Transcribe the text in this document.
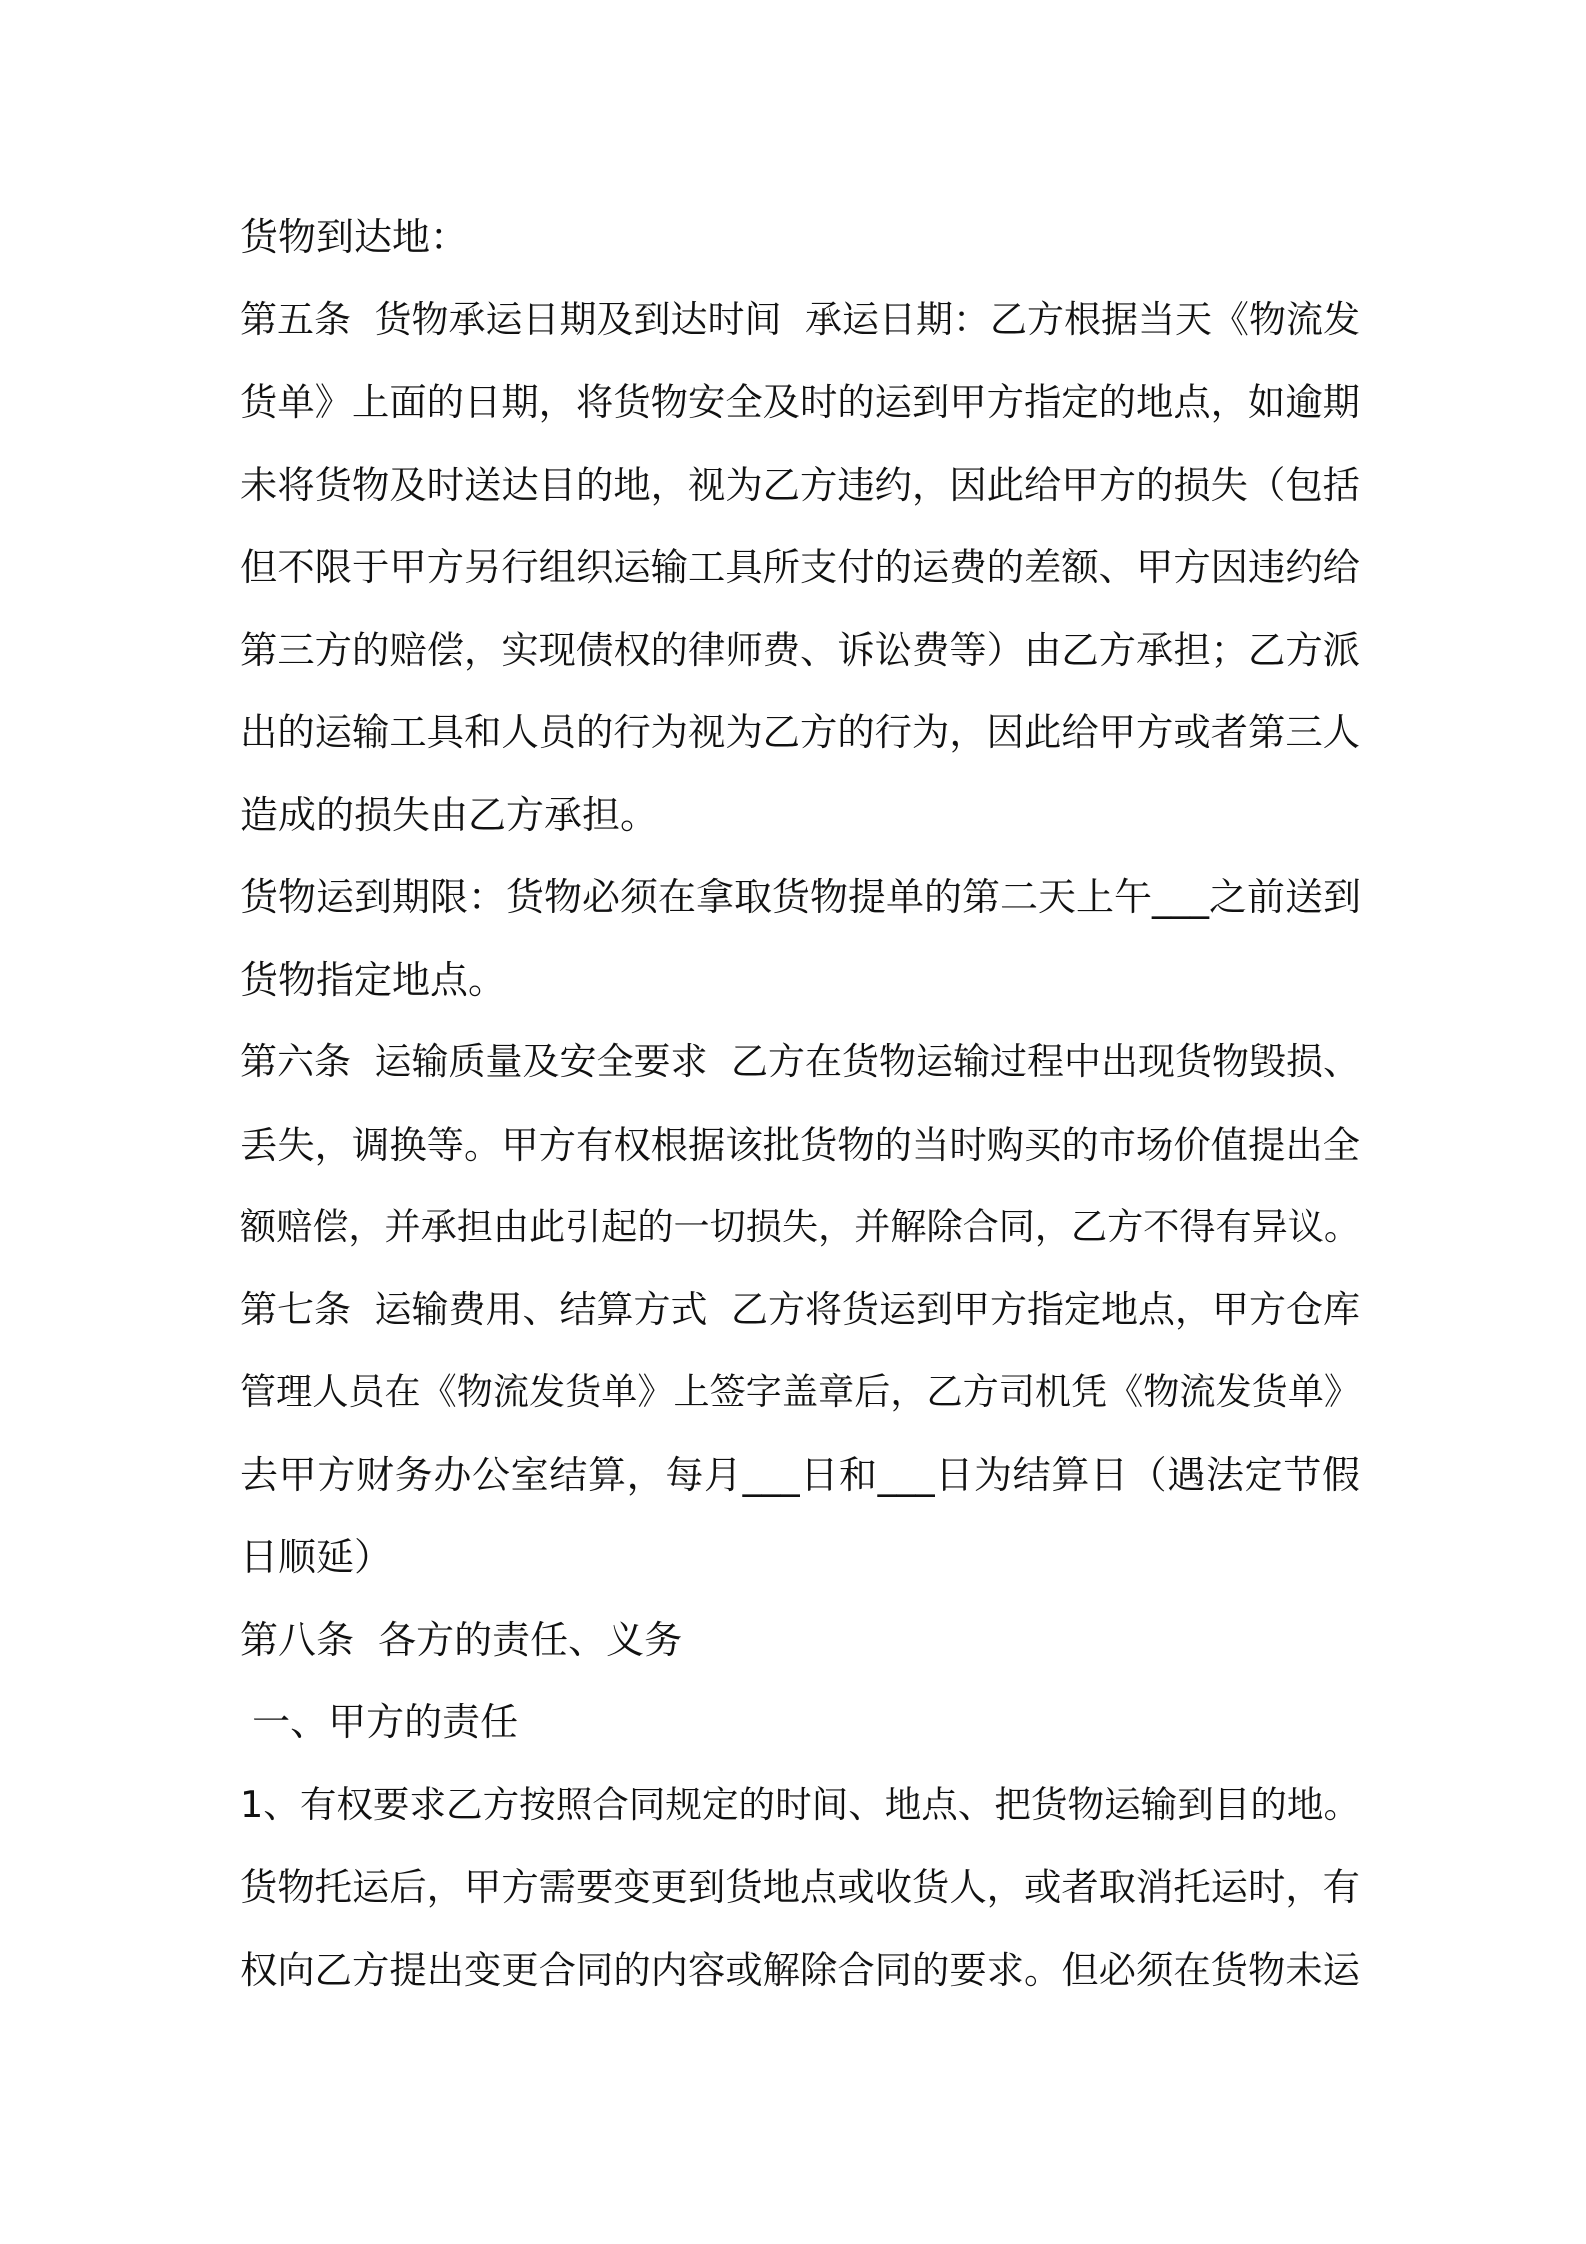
货物到达地：
第五条  货物承运日期及到达时间  承运日期：乙方根据当天《物流发
货单》上面的日期，将货物安全及时的运到甲方指定的地点，如逾期
未将货物及时送达目的地，视为乙方违约，因此给甲方的损失（包括
但不限于甲方另行组织运输工具所支付的运费的差额、甲方因违约给
第三方的赔偿，实现债权的律师费、诉讼费等）由乙方承担；乙方派
出的运输工具和人员的行为视为乙方的行为，因此给甲方或者第三人
造成的损失由乙方承担。
货物运到期限：货物必须在拿取货物提单的第二天上午___之前送到
货物指定地点。
第六条  运输质量及安全要求  乙方在货物运输过程中出现货物毁损、
丢失，调换等。甲方有权根据该批货物的当时购买的市场价值提出全
额赔偿，并承担由此引起的一切损失，并解除合同，乙方不得有异议。
第七条  运输费用、结算方式  乙方将货运到甲方指定地点，甲方仓库
管理人员在《物流发货单》上签字盖章后，乙方司机凭《物流发货单》
去甲方财务办公室结算，每月___日和___日为结算日（遇法定节假
日顺延）
第八条  各方的责任、义务
一、甲方的责任
1、有权要求乙方按照合同规定的时间、地点、把货物运输到目的地。
货物托运后，甲方需要变更到货地点或收货人，或者取消托运时，有
权向乙方提出变更合同的内容或解除合同的要求。但必须在货物未运
